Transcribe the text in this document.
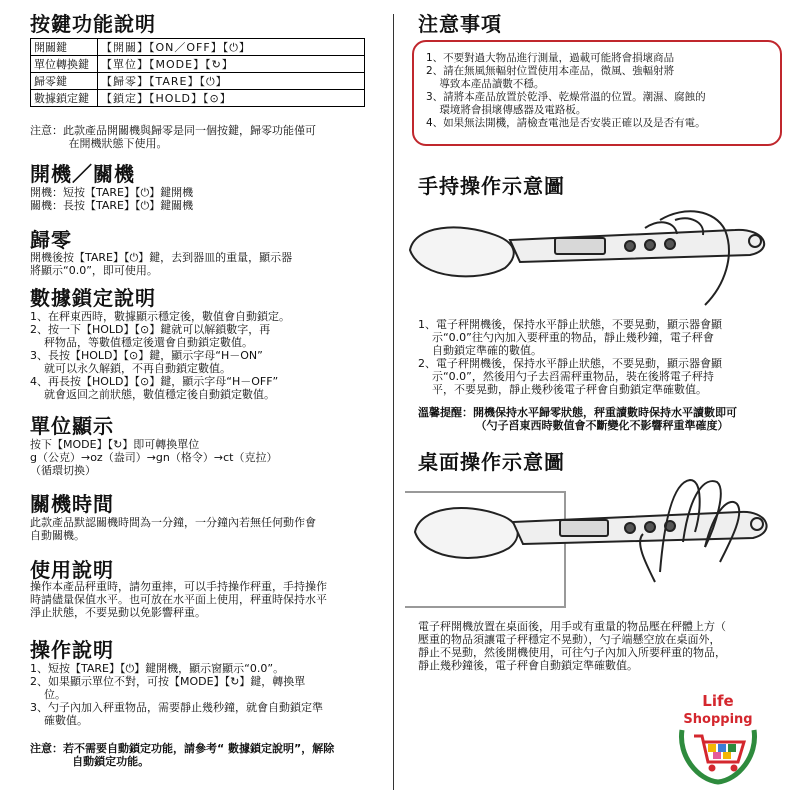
按鍵功能說明
開關鍵	【開關】【ON／OFF】【⏻】
單位轉換鍵	【單位】【MODE】【↻】
歸零鍵	【歸零】【TARE】【⏻】
數據鎖定鍵	【鎖定】【HOLD】【⊙】
注意：此款產品開關機與歸零是同一個按鍵，歸零功能僅可
在開機狀態下使用。
開機／關機
開機：短按【TARE】【⏻】鍵開機
關機：長按【TARE】【⏻】鍵關機
歸零
開機後按【TARE】【⏻】鍵，去到器皿的重量，顯示器
將顯示“0.0”，即可使用。
數據鎖定說明
1、在秤東西時，數據顯示穩定後，數值會自動鎖定。
2、按一下【HOLD】【⊙】鍵就可以解鎖數字，再
秤物品，等數值穩定後還會自動鎖定數值。
3、長按【HOLD】【⊙】鍵，顯示字母“H－ON”
就可以永久解鎖，不再自動鎖定數值。
4、再長按【HOLD】【⊙】鍵，顯示字母“H－OFF”
就會返回之前狀態，數值穩定後自動鎖定數值。
單位顯示
按下【MODE】【↻】即可轉換單位
g（公克）→oz（盎司）→gn（格令）→ct（克拉）
（循環切換）
關機時間
此款產品默認關機時間為一分鐘，一分鐘內若無任何動作會
自動關機。
使用說明
操作本產品秤重時，請勿重摔，可以手持操作秤重，手持操作
時請儘量保值水平。也可放在水平面上使用，秤重時保持水平
淨止狀態，不要晃動以免影響秤重。
操作說明
1、短按【TARE】【⏻】鍵開機，顯示窗顯示“0.0”。
2、如果顯示單位不對，可按【MODE】【↻】鍵，轉換單
位。
3、勺子內加入秤重物品，需要靜止幾秒鐘，就會自動鎖定準
確數值。
注意：若不需要自動鎖定功能，請參考“ 數據鎖定說明”，解除
自動鎖定功能。
注意事項
1、不要對過大物品進行測量，過載可能將會損壞商品
2、請在無風無輻射位置使用本產品，微風、強輻射將
導致本產品讀數不穩。
3、請將本產品放置於乾淨、乾燥常溫的位置。潮濕、腐蝕的
環境將會損壞傳感器及電路板。
4、如果無法開機，請檢查電池是否安裝正確以及是否有電。
手持操作示意圖
1、電子秤開機後，保持水平靜止狀態，不要晃動，顯示器會顯
示“0.0”往勺內加入要秤重的物品，靜止幾秒鐘，電子秤會
自動鎖定準確的數值。
2、電子秤開機後，保持水平靜止狀態，不要晃動，顯示器會顯
示“0.0”，然後用勺子去舀需秤重物品，裝在後將電子秤持
平，不要晃動，靜止幾秒後電子秤會自動鎖定準確數值。
溫馨提醒：開機保持水平歸零狀態，秤重讀數時保持水平讀數即可
（勺子舀東西時數值會不斷變化不影響秤重準確度）
桌面操作示意圖
電子秤開機放置在桌面後，用手或有重量的物品壓在秤體上方（
壓重的物品須讓電子秤穩定不晃動），勺子端懸空放在桌面外，
靜止不晃動，然後開機使用，可往勺子內加入所要秤重的物品，
靜止幾秒鐘後，電子秤會自動鎖定準確數值。
Life
Shopping
